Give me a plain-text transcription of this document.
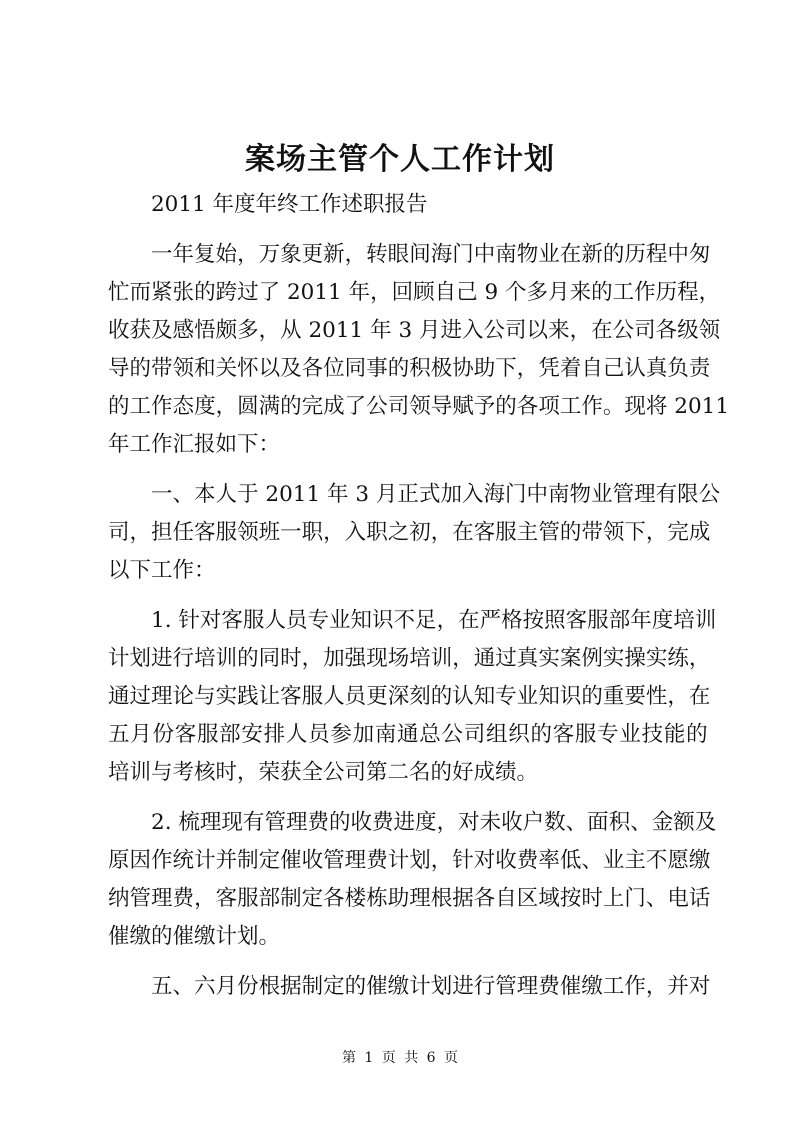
案场主管个人工作计划
2011 年度年终工作述职报告
一 年 复 始 ， 万 象 更 新 ， 转 眼 间 海 门 中 南 物 业 在 新 的 历 程 中 匆
忙 而 紧 张 的 跨 过 了
2 0 1 1
年 ， 回 顾 自 己
9
个 多 月 来 的 工 作 历 程 ，
收 获 及 感 悟 颇 多 ， 从
2 0 1 1
年
3
月 进 入 公 司 以 来 ， 在 公 司 各 级 领
导 的 带 领 和 关 怀 以 及 各 位 同 事 的 积 极 协 助 下 ， 凭 着 自 己 认 真 负 责
的 工 作 态 度 ， 圆 满 的 完 成 了 公 司 领 导 赋 予 的 各 项 工 作 。 现 将
2 0 1 1
年工作汇报如下：
一 、 本 人 于
2 0 1 1
年
3
月 正 式 加 入 海 门 中 南 物 业 管 理 有 限 公
司 ， 担 任 客 服 领 班 一 职 ， 入 职 之 初 ， 在 客 服 主 管 的 带 领 下 ， 完 成
以下工作：
1 .
针 对 客 服 人 员 专 业 知 识 不 足 ， 在 严 格 按 照 客 服 部 年 度 培 训
计 划 进 行 培 训 的 同 时 ， 加 强 现 场 培 训 ， 通 过 真 实 案 例 实 操 实 练 ，
通 过 理 论 与 实 践 让 客 服 人 员 更 深 刻 的 认 知 专 业 知 识 的 重 要 性 ， 在
五 月 份 客 服 部 安 排 人 员 参 加 南 通 总 公 司 组 织 的 客 服 专 业 技 能 的
培训与考核时，荣获全公司第二名的好成绩。
2 .
梳 理 现 有 管 理 费 的 收 费 进 度 ， 对 未 收 户 数 、 面 积 、 金 额 及
原 因 作 统 计 并 制 定 催 收 管 理 费 计 划 ， 针 对 收 费 率 低 、 业 主 不 愿 缴
纳 管 理 费 ， 客 服 部 制 定 各 楼 栋 助 理 根 据 各 自 区 域 按 时 上 门 、 电 话
催缴的催缴计划。
五 、 六 月 份 根 据 制 定 的 催 缴 计 划 进 行 管 理 费 催 缴 工 作 ， 并 对
第 1 页 共 6 页
